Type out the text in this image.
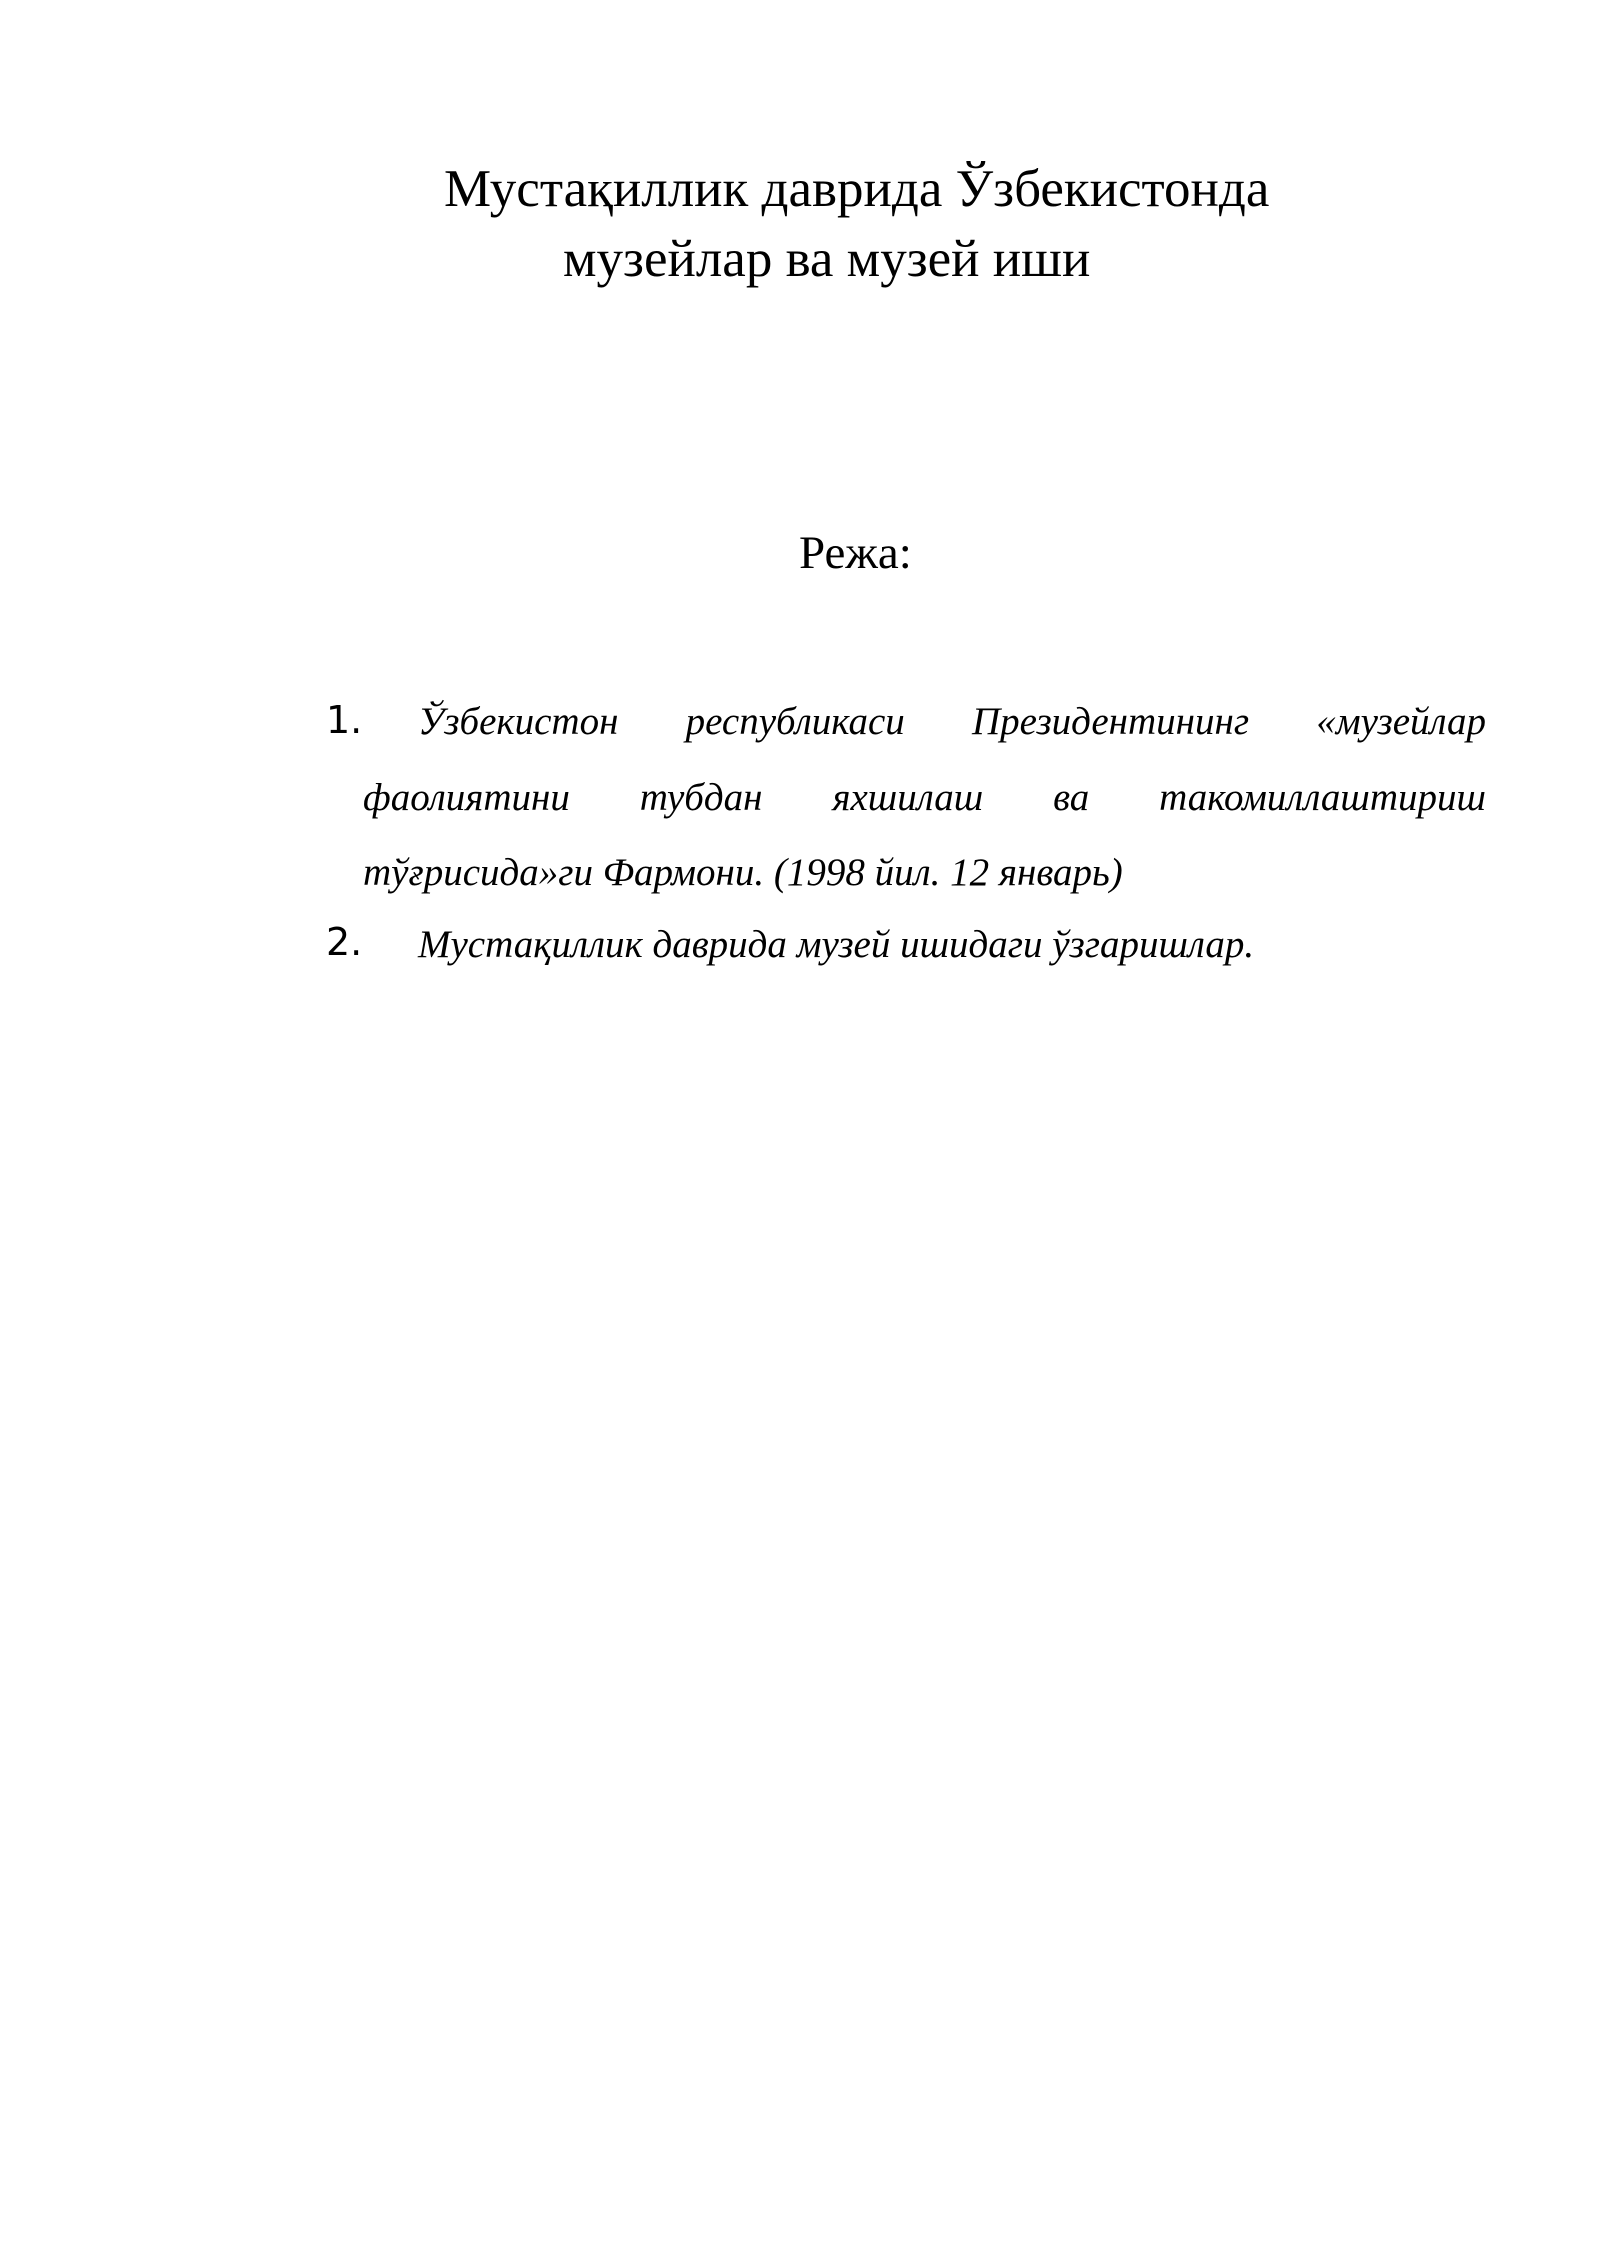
Мустақиллик даврида Ўзбекистонда
музейлар ва музей иши
Режа:
1. Ўзбекистон республикаси Президентининг «музейлар
фаолиятини тубдан яхшилаш ва такомиллаштириш
тўғрисида»ги Фармони. (1998 йил. 12 январь)
2. Мустақиллик даврида музей ишидаги ўзгаришлар.
